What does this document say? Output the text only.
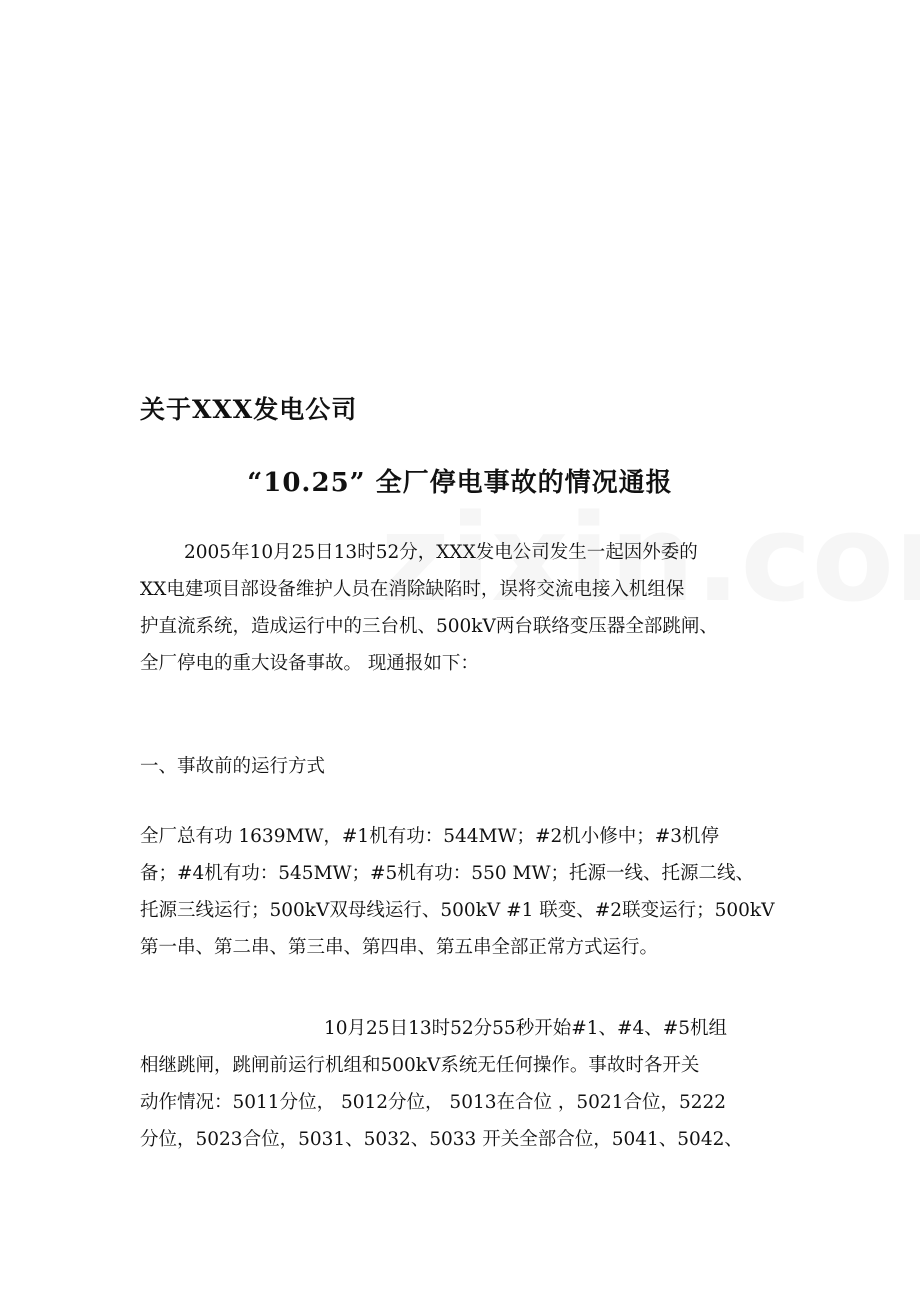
关于XXX发电公司
“10.25” 全厂停电事故的情况通报
2005年10月25日13时52分，XXX发电公司发生一起因外委的
XX电建项目部设备维护人员在消除缺陷时，误将交流电接入机组保
护直流系统，造成运行中的三台机、500kV两台联络变压器全部跳闸、
全厂停电的重大设备事故。 现通报如下：
一、事故前的运行方式
全厂总有功 1639MW，#1机有功：544MW；#2机小修中；#3机停
备；#4机有功：545MW；#5机有功：550 MW；托源一线、托源二线、
托源三线运行；500kV双母线运行、500kV #1 联变、#2联变运行；500kV
第一串、第二串、第三串、第四串、第五串全部正常方式运行。
10月25日13时52分55秒开始#1、#4、#5机组
相继跳闸，跳闸前运行机组和500kV系统无任何操作。事故时各开关
动作情况：5011分位， 5012分位， 5013在合位 ，5021合位，5222
分位，5023合位，5031、5032、5033 开关全部合位，5041、5042、
